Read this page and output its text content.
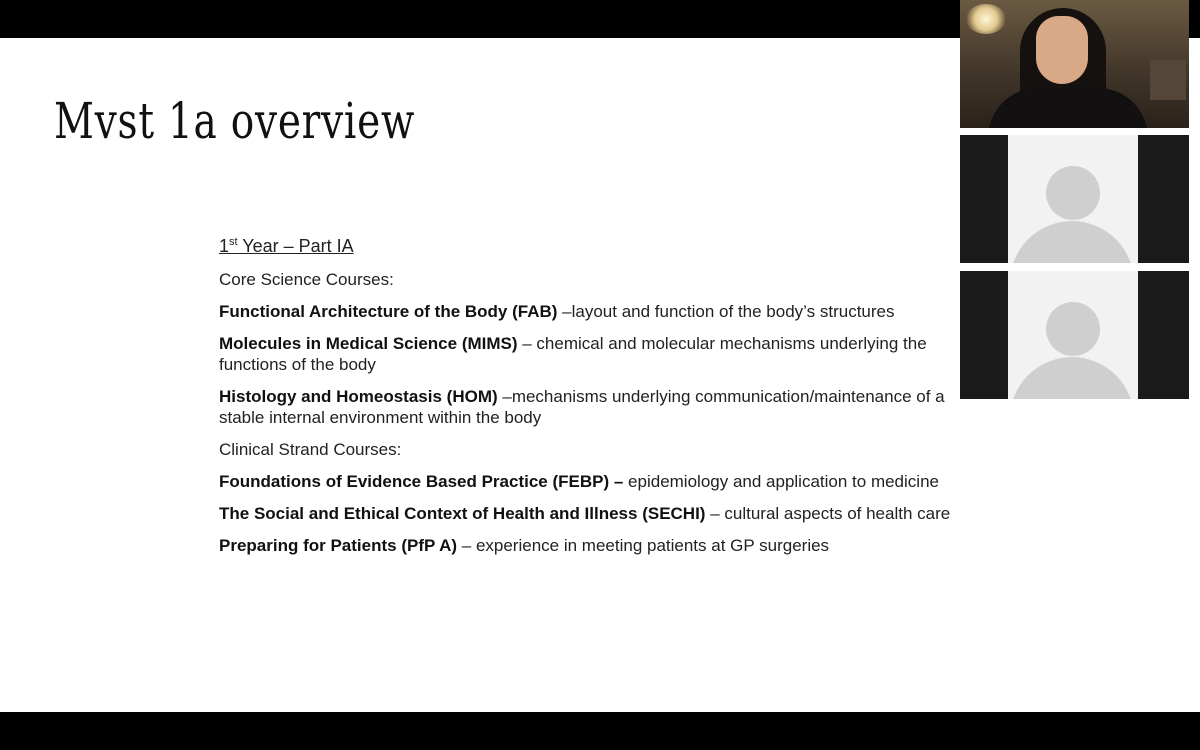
Mvst 1a overview
1st Year – Part IA
Core Science Courses:
Functional Architecture of the Body (FAB) –layout and function of the body’s structures
Molecules in Medical Science (MIMS) – chemical and molecular mechanisms underlying the functions of the body
Histology and Homeostasis (HOM) –mechanisms underlying communication/maintenance of a stable internal environment within the body
Clinical Strand Courses:
Foundations of Evidence Based Practice (FEBP) – epidemiology and application to medicine
The Social and Ethical Context of Health and Illness (SECHI) – cultural aspects of health care
Preparing for Patients (PfP A) – experience in meeting patients at GP surgeries
